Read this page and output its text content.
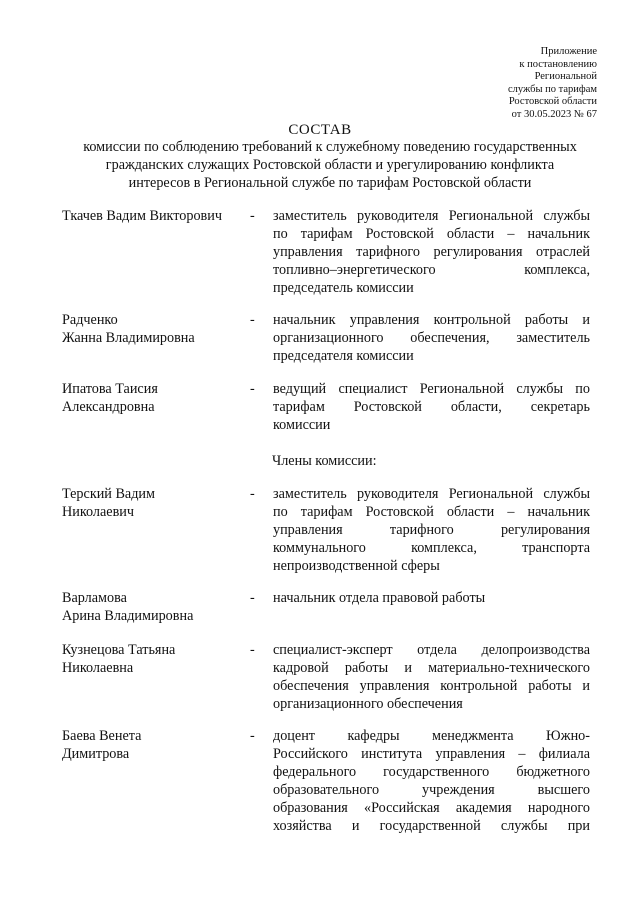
Приложение
к постановлению
Региональной
службы по тарифам
Ростовской области
от 30.05.2023 № 67
СОСТАВ
комиссии по соблюдению требований к служебному поведению государственных
гражданских служащих Ростовской области и урегулированию конфликта
интересов в Региональной службе по тарифам Ростовской области
Ткачев Вадим Викторович	- заместитель руководителя Региональной службы
по тарифам Ростовской области – начальник
управления тарифного регулирования отраслей
топливно–энергетического комплекса,
председатель комиссии
Радченко
Жанна Владимировна
- начальник управления контрольной работы и
организационного обеспечения, заместитель
председателя комиссии
Ипатова Таисия
Александровна
- ведущий специалист Региональной службы по
тарифам Ростовской области, секретарь
комиссии
Члены комиссии:
Терский Вадим
Николаевич
- заместитель руководителя Региональной службы
по тарифам Ростовской области – начальник
управления тарифного регулирования
коммунального комплекса, транспорта
непроизводственной сферы
Варламова
Арина Владимировна
- начальник отдела правовой работы
Кузнецова Татьяна
Николаевна
- специалист-эксперт отдела делопроизводства
кадровой работы и материально-технического
обеспечения управления контрольной работы и
организационного обеспечения
Баева Венета
Димитрова
- доцент кафедры менеджмента Южно-
Российского института управления – филиала
федерального государственного бюджетного
образовательного учреждения высшего
образования «Российская академия народного
хозяйства и государственной службы при
